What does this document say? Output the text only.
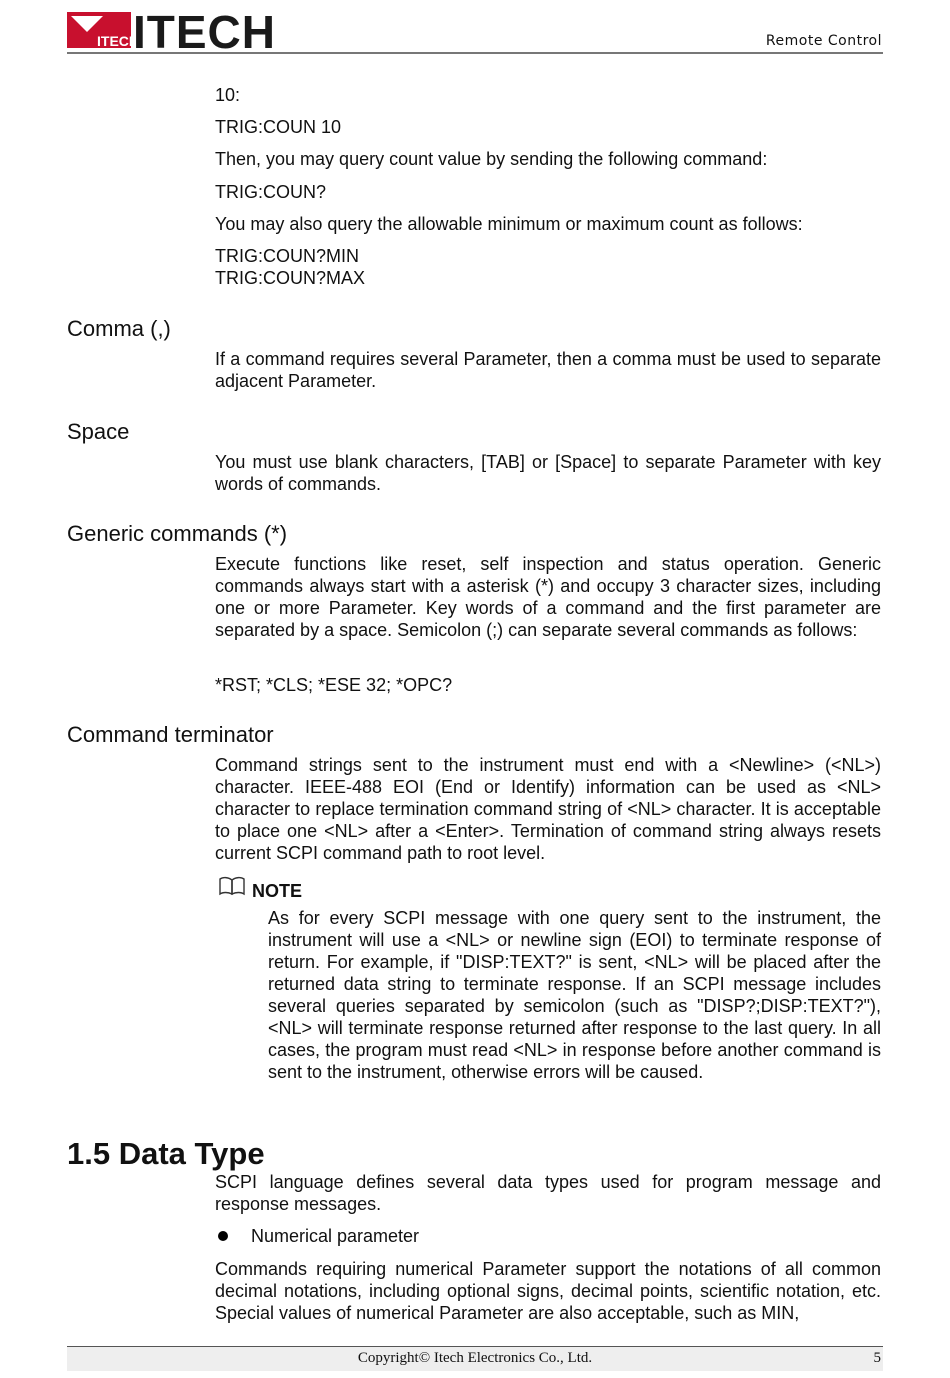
ITECH
ITECH	Remote Control
10:
TRIG:COUN 10
Then, you may query count value by sending the following command:
TRIG:COUN?
You may also query the allowable minimum or maximum count as follows:
TRIG:COUN?MIN
TRIG:COUN?MAX
Comma (,)
If a command requires several Parameter, then a comma must be used to separate adjacent Parameter.
Space
You must use blank characters, [TAB] or [Space] to separate Parameter with key words of commands.
Generic commands (*)
Execute functions like reset, self inspection and status operation. Generic commands always start with a asterisk (*) and occupy 3 character sizes, including one or more Parameter. Key words of a command and the first parameter are separated by a space. Semicolon (;) can separate several commands as follows:
*RST; *CLS; *ESE 32; *OPC?
Command terminator
Command strings sent to the instrument must end with a <Newline> (<NL>) character. IEEE-488 EOI (End or Identify) information can be used as <NL> character to replace termination command string of <NL> character. It is acceptable to place one <NL> after a <Enter>. Termination of command string always resets current SCPI command path to root level.
NOTE
As for every SCPI message with one query sent to the instrument, the instrument will use a <NL> or newline sign (EOI) to terminate response of return. For example, if "DISP:TEXT?" is sent, <NL> will be placed after the returned data string to terminate response. If an SCPI message includes several queries separated by semicolon (such as "DISP?;DISP:TEXT?"), <NL> will terminate response returned after response to the last query. In all cases, the program must read <NL> in response before another command is sent to the instrument, otherwise errors will be caused.
1.5 Data Type
SCPI language defines several data types used for program message and response messages.
Numerical parameter
Commands requiring numerical Parameter support the notations of all common decimal notations, including optional signs, decimal points, scientific notation, etc. Special values of numerical Parameter are also acceptable, such as MIN,
Copyright© Itech Electronics Co., Ltd.	5
